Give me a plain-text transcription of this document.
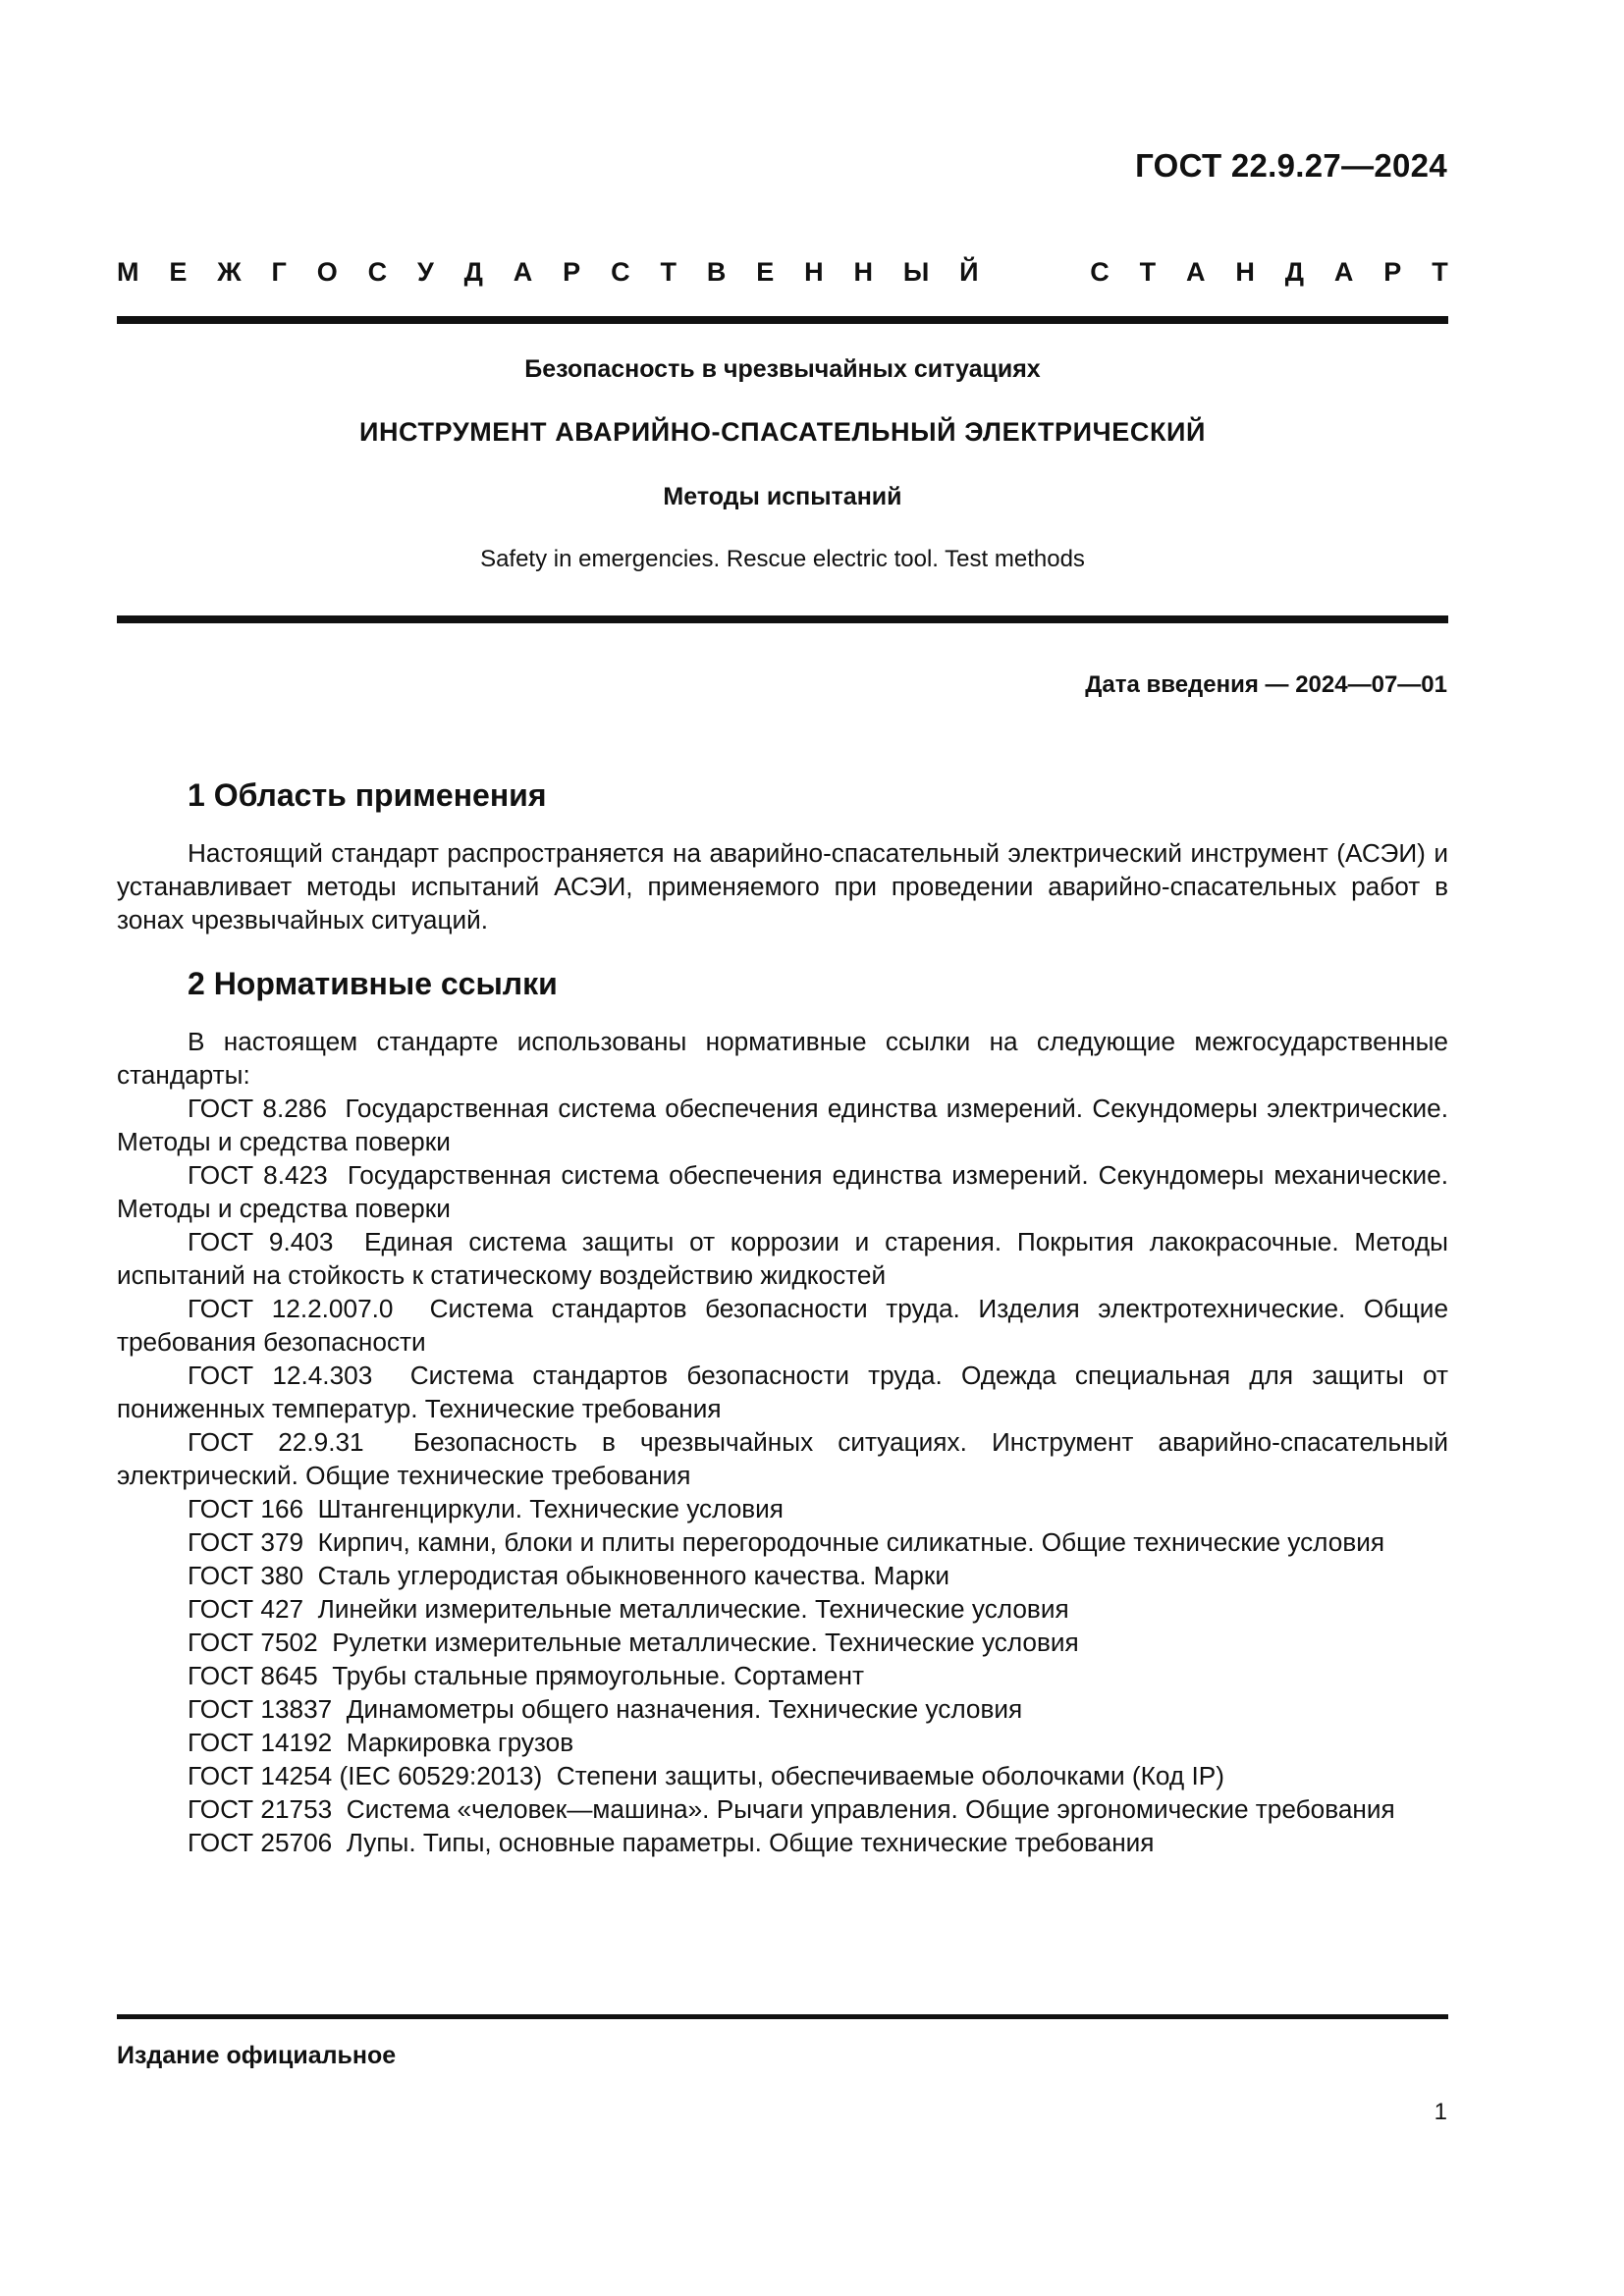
ГОСТ 22.9.27—2024
М Е Ж Г О С У Д А Р С Т В Е Н Н Ы Й	С Т А Н Д А Р Т
Безопасность в чрезвычайных ситуациях
ИНСТРУМЕНТ АВАРИЙНО-СПАСАТЕЛЬНЫЙ ЭЛЕКТРИЧЕСКИЙ
Методы испытаний
Safety in emergencies. Rescue electric tool. Test methods
Дата введения — 2024—07—01
1 Область применения

Настоящий стандарт распространяется на аварийно-спасательный электрический инструмент (АСЭИ) и устанавливает методы испытаний АСЭИ, применяемого при проведении аварийно-спасательных работ в зонах чрезвычайных ситуаций.

2 Нормативные ссылки

В настоящем стандарте использованы нормативные ссылки на следующие межгосударственные стандарты:

ГОСТ 8.286 Государственная система обеспечения единства измерений. Секундомеры электрические. Методы и средства поверки
ГОСТ 8.423 Государственная система обеспечения единства измерений. Секундомеры механические. Методы и средства поверки
ГОСТ 9.403 Единая система защиты от коррозии и старения. Покрытия лакокрасочные. Методы испытаний на стойкость к статическому воздействию жидкостей
ГОСТ 12.2.007.0 Система стандартов безопасности труда. Изделия электротехнические. Общие требования безопасности
ГОСТ 12.4.303 Система стандартов безопасности труда. Одежда специальная для защиты от пониженных температур. Технические требования
ГОСТ 22.9.31 Безопасность в чрезвычайных ситуациях. Инструмент аварийно-спасательный электрический. Общие технические требования
ГОСТ 166 Штангенциркули. Технические условия
ГОСТ 379 Кирпич, камни, блоки и плиты перегородочные силикатные. Общие технические условия
ГОСТ 380 Сталь углеродистая обыкновенного качества. Марки
ГОСТ 427 Линейки измерительные металлические. Технические условия
ГОСТ 7502 Рулетки измерительные металлические. Технические условия
ГОСТ 8645 Трубы стальные прямоугольные. Сортамент
ГОСТ 13837 Динамометры общего назначения. Технические условия
ГОСТ 14192 Маркировка грузов
ГОСТ 14254 (IEC 60529:2013) Степени защиты, обеспечиваемые оболочками (Код IP)
ГОСТ 21753 Система «человек—машина». Рычаги управления. Общие эргономические требования
ГОСТ 25706 Лупы. Типы, основные параметры. Общие технические требования
Издание официальное
1
